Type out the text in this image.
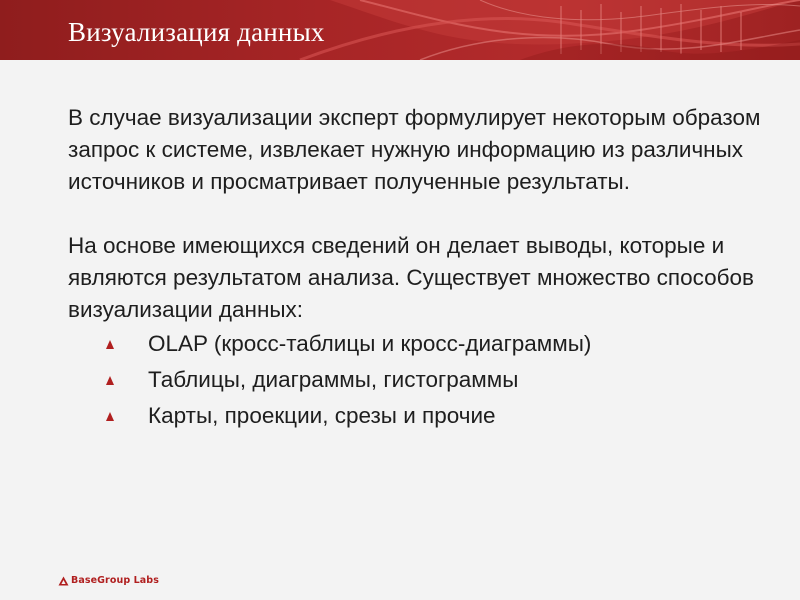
Визуализация данных

В случае визуализации эксперт формулирует некоторым образом запрос к системе, извлекает нужную информацию из различных источников и просматривает полученные результаты.

На основе имеющихся сведений он делает выводы, которые и являются результатом анализа. Существует множество способов визуализации данных:

OLAP (кросс-таблицы и кросс-диаграммы)
Таблицы, диаграммы, гистограммы
Карты, проекции, срезы и прочие
BaseGroup Labs
